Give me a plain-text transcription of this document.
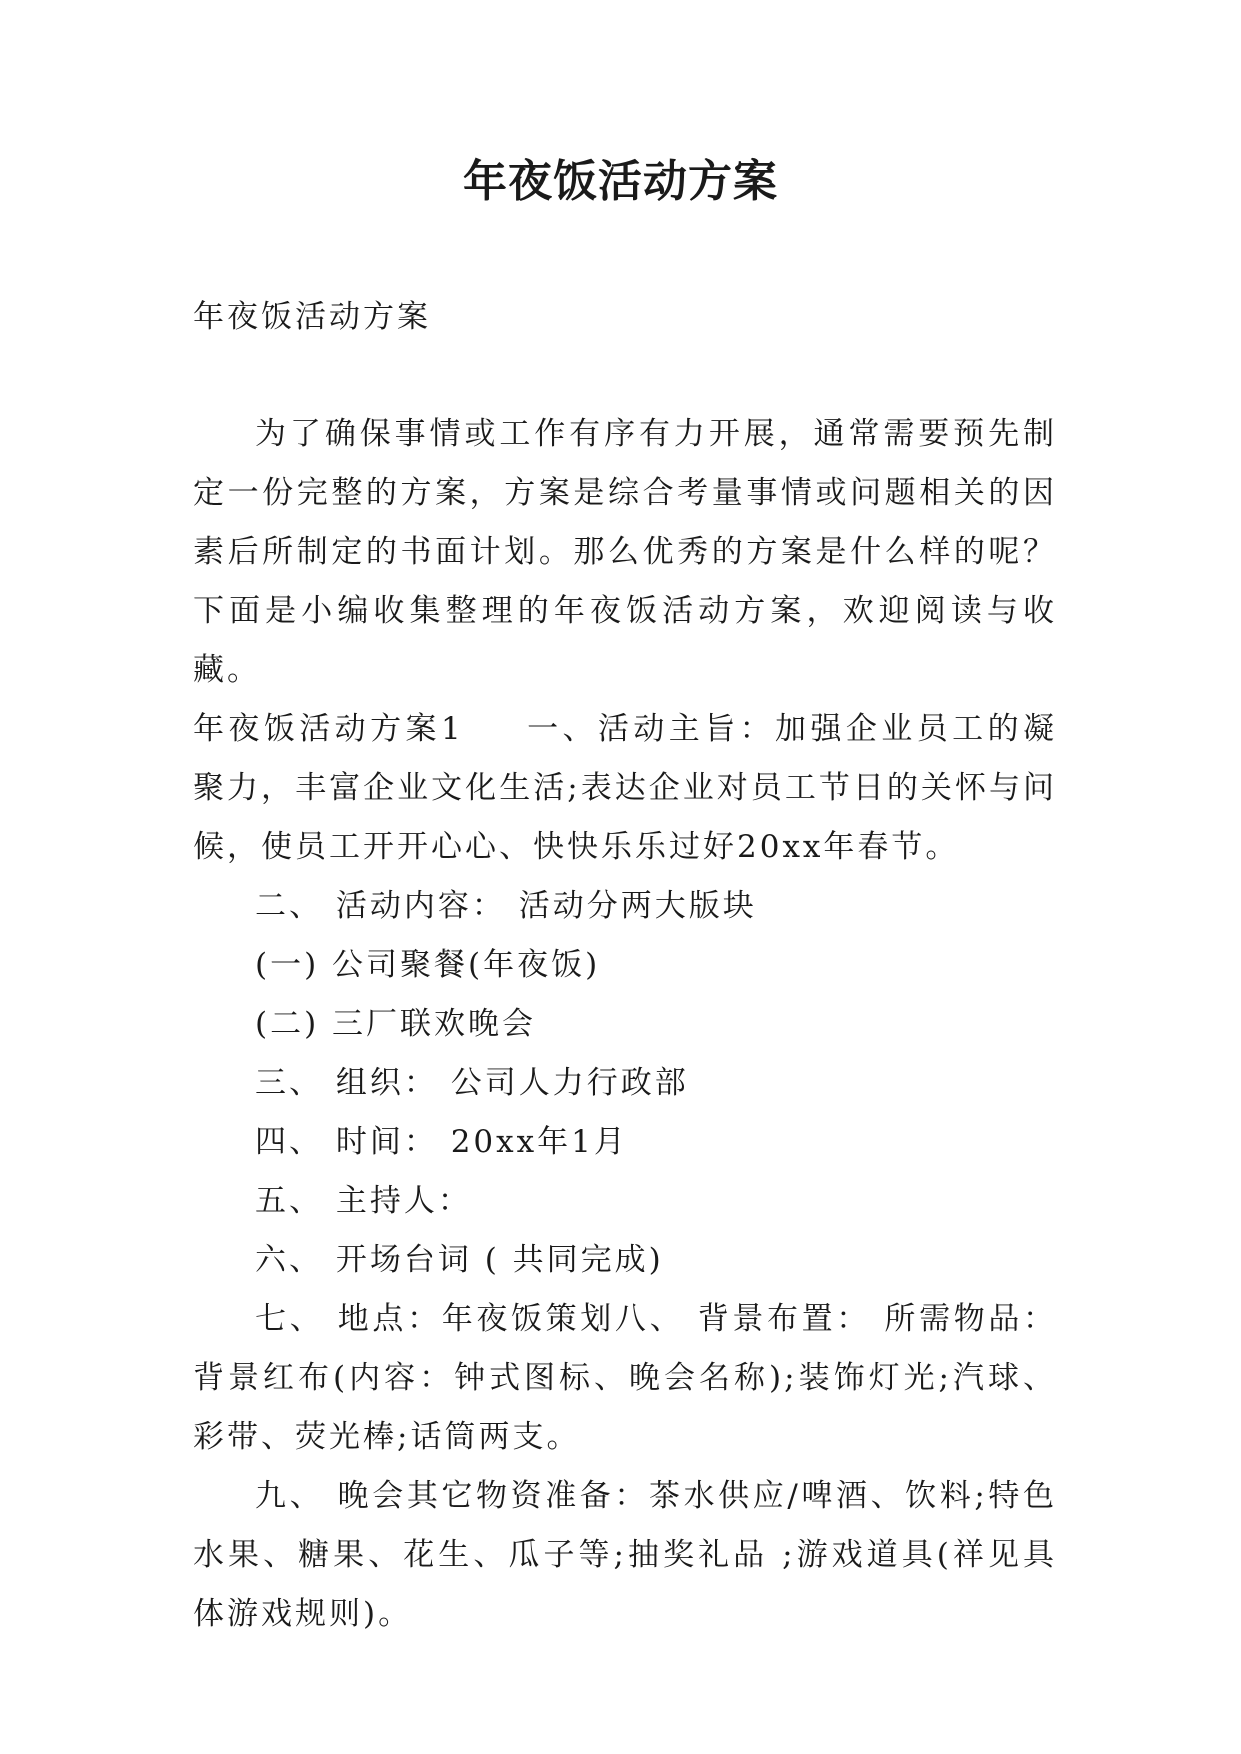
年夜饭活动方案

年夜饭活动方案

为了确保事情或工作有序有力开展，通常需要预先制定一份完整的方案，方案是综合考量事情或问题相关的因素后所制定的书面计划。那么优秀的方案是什么样的呢？下面是小编收集整理的年夜饭活动方案，欢迎阅读与收藏。

年夜饭活动方案1 一、活动主旨：加强企业员工的凝聚力，丰富企业文化生活;表达企业对员工节日的关怀与问候，使员工开开心心、快快乐乐过好20xx年春节。

二、 活动内容： 活动分两大版块

(一) 公司聚餐(年夜饭)

(二) 三厂联欢晚会

三、 组织： 公司人力行政部

四、 时间： 20xx年1月

五、 主持人：

六、 开场台词 ( 共同完成)

七、 地点：年夜饭策划八、 背景布置： 所需物品：背景红布(内容：钟式图标、晚会名称);装饰灯光;汽球、彩带、荧光棒;话筒两支。

九、 晚会其它物资准备：茶水供应/啤酒、饮料;特色水果、糖果、花生、瓜子等;抽奖礼品 ;游戏道具(祥见具体游戏规则)。
